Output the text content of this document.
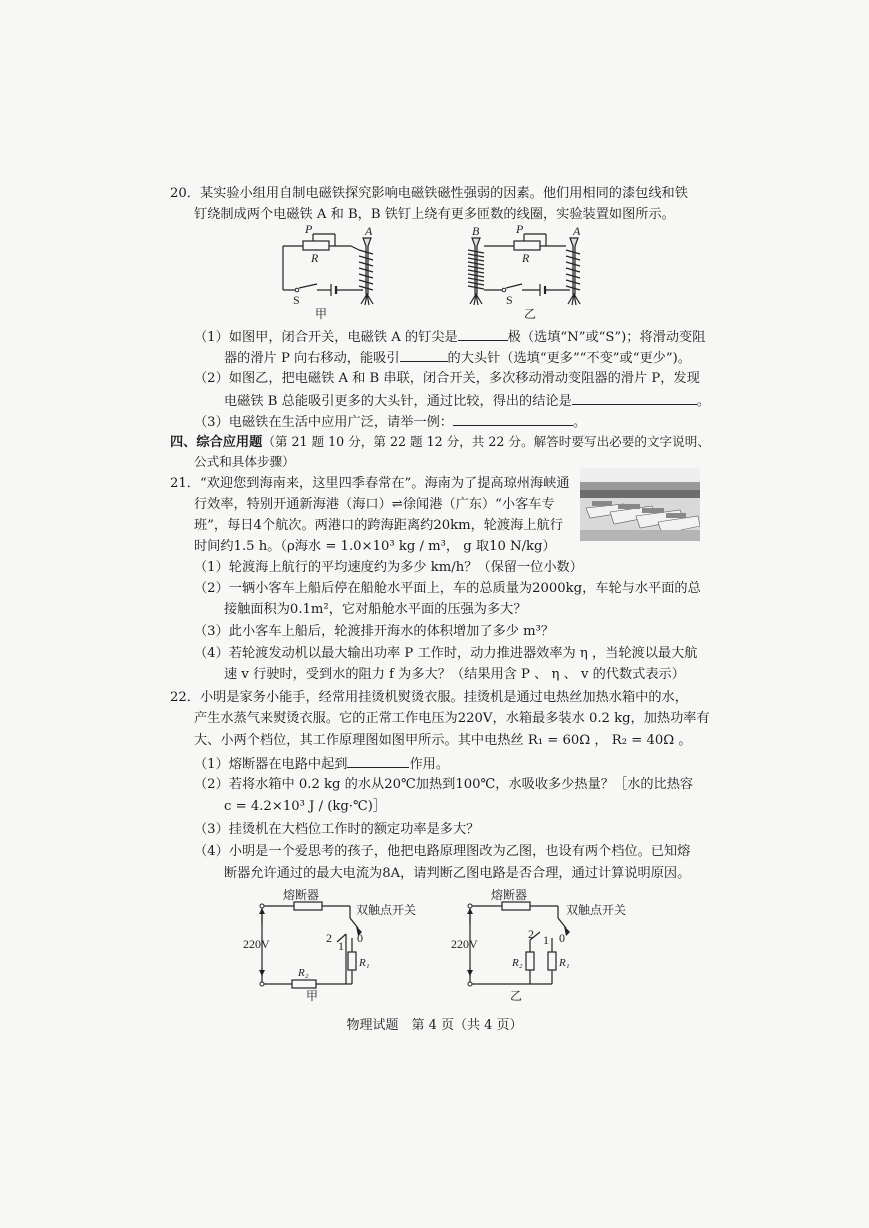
20．某实验小组用自制电磁铁探究影响电磁铁磁性强弱的因素。他们用相同的漆包线和铁
钉绕制成两个电磁铁 A 和 B，B 铁钉上绕有更多匝数的线圈，实验装置如图所示。
P
R
A
S
甲
B	P
R
A
S
乙
（1）如图甲，闭合开关，电磁铁 A 的钉尖是	极（选填“N”或“S”)；将滑动变阻
器的滑片 P 向右移动，能吸引	的大头针（选填“更多”“不变”或“更少”)。
（2）如图乙，把电磁铁 A 和 B 串联，闭合开关，多次移动滑动变阻器的滑片 P，发现
电磁铁 B 总能吸引更多的大头针，通过比较，得出的结论是	。
（3）电磁铁在生活中应用广泛，请举一例：	。
四、综合应用题（第 21 题 10 分，第 22 题 12 分，共 22 分。解答时要写出必要的文字说明、
公式和具体步骤）
21．“欢迎您到海南来，这里四季春常在”。海南为了提高琼州海峡通
行效率，特别开通新海港（海口）⇌徐闻港（广东）“小客车专
班”，每日4个航次。两港口的跨海距离约20km，轮渡海上航行
时间约1.5 h。（ρ海水 = 1.0×10³ kg / m³， g 取10 N/kg）
（1）轮渡海上航行的平均速度约为多少 km/h？（保留一位小数）
（2）一辆小客车上船后停在船舱水平面上，车的总质量为2000kg，车轮与水平面的总
接触面积为0.1m²，它对船舱水平面的压强为多大？
（3）此小客车上船后，轮渡排开海水的体积增加了多少 m³？
（4）若轮渡发动机以最大输出功率 P 工作时，动力推进器效率为 η ，当轮渡以最大航
速 v 行驶时，受到水的阻力 f 为多大？（结果用含 P 、 η 、 v 的代数式表示）
22．小明是家务小能手，经常用挂烫机熨烫衣服。挂烫机是通过电热丝加热水箱中的水，
产生水蒸气来熨烫衣服。它的正常工作电压为220V，水箱最多装水 0.2 kg，加热功率有
大、小两个档位，其工作原理图如图甲所示。其中电热丝 R₁ = 60Ω ， R₂ = 40Ω 。
（1）熔断器在电路中起到	作用。
（2）若将水箱中 0.2 kg 的水从20℃加热到100℃，水吸收多少热量？［水的比热容
c = 4.2×10³ J / (kg·℃)］
（3）挂烫机在大档位工作时的额定功率是多大？
（4）小明是一个爱思考的孩子，他把电路原理图改为乙图，也设有两个档位。已知熔
断器允许通过的最大电流为8A，请判断乙图电路是否合理，通过计算说明原因。
熔断器
双触点开关
220V	2
1
0
R₁
R₂
甲
熔断器
双触点开关
220V
2 1 0
R₂	R₁
乙
物理试题　第 4 页（共 4 页）
